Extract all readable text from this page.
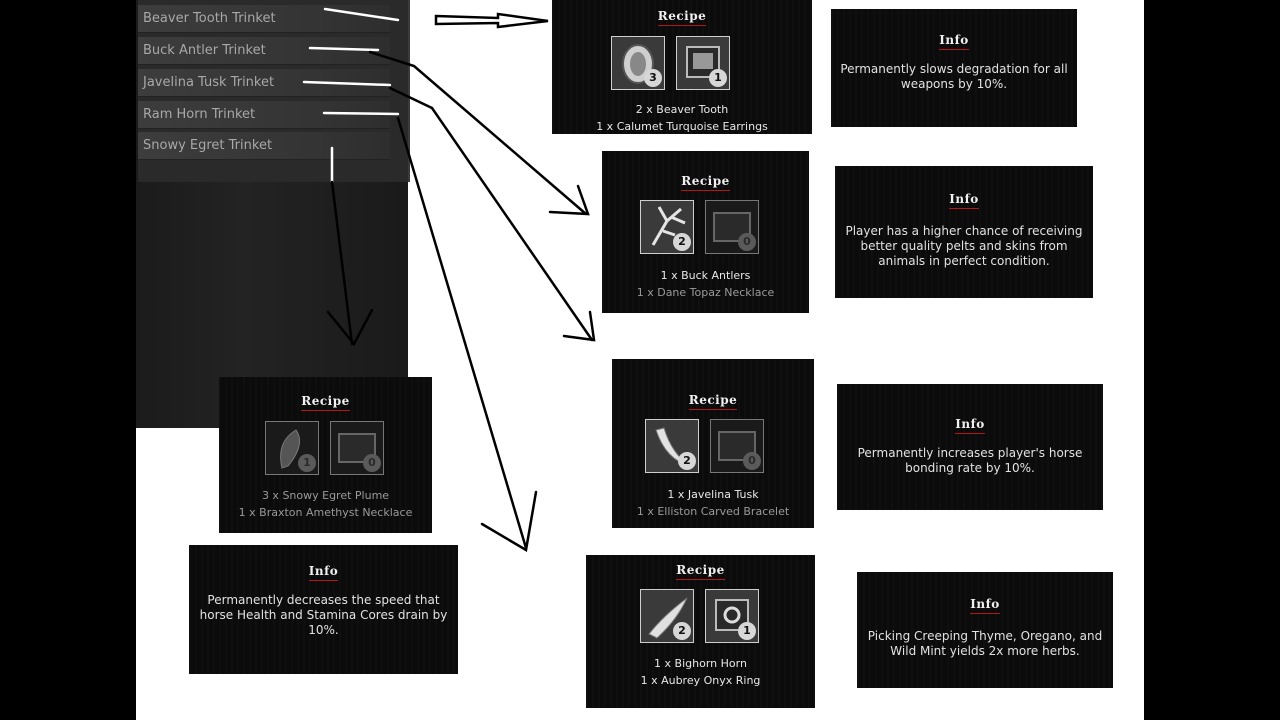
Beaver Tooth Trinket
Buck Antler Trinket
Javelina Tusk Trinket
Ram Horn Trinket
Snowy Egret Trinket
Recipe
3	1
2 x Beaver Tooth
1 x Calumet Turquoise Earrings
Info
Permanently slows degradation for all weapons by 10%.
Recipe
2	0
1 x Buck Antlers
1 x Dane Topaz Necklace
Info
Player has a higher chance of receiving better quality pelts and skins from animals in perfect condition.
Recipe
2	0
1 x Javelina Tusk
1 x Elliston Carved Bracelet
Info
Permanently increases player's horse bonding rate by 10%.
Recipe
1	0
3 x Snowy Egret Plume
1 x Braxton Amethyst Necklace
Info
Permanently decreases the speed that horse Health and Stamina Cores drain by 10%.
Recipe
2	1
1 x Bighorn Horn
1 x Aubrey Onyx Ring
Info
Picking Creeping Thyme, Oregano, and Wild Mint yields 2x more herbs.
